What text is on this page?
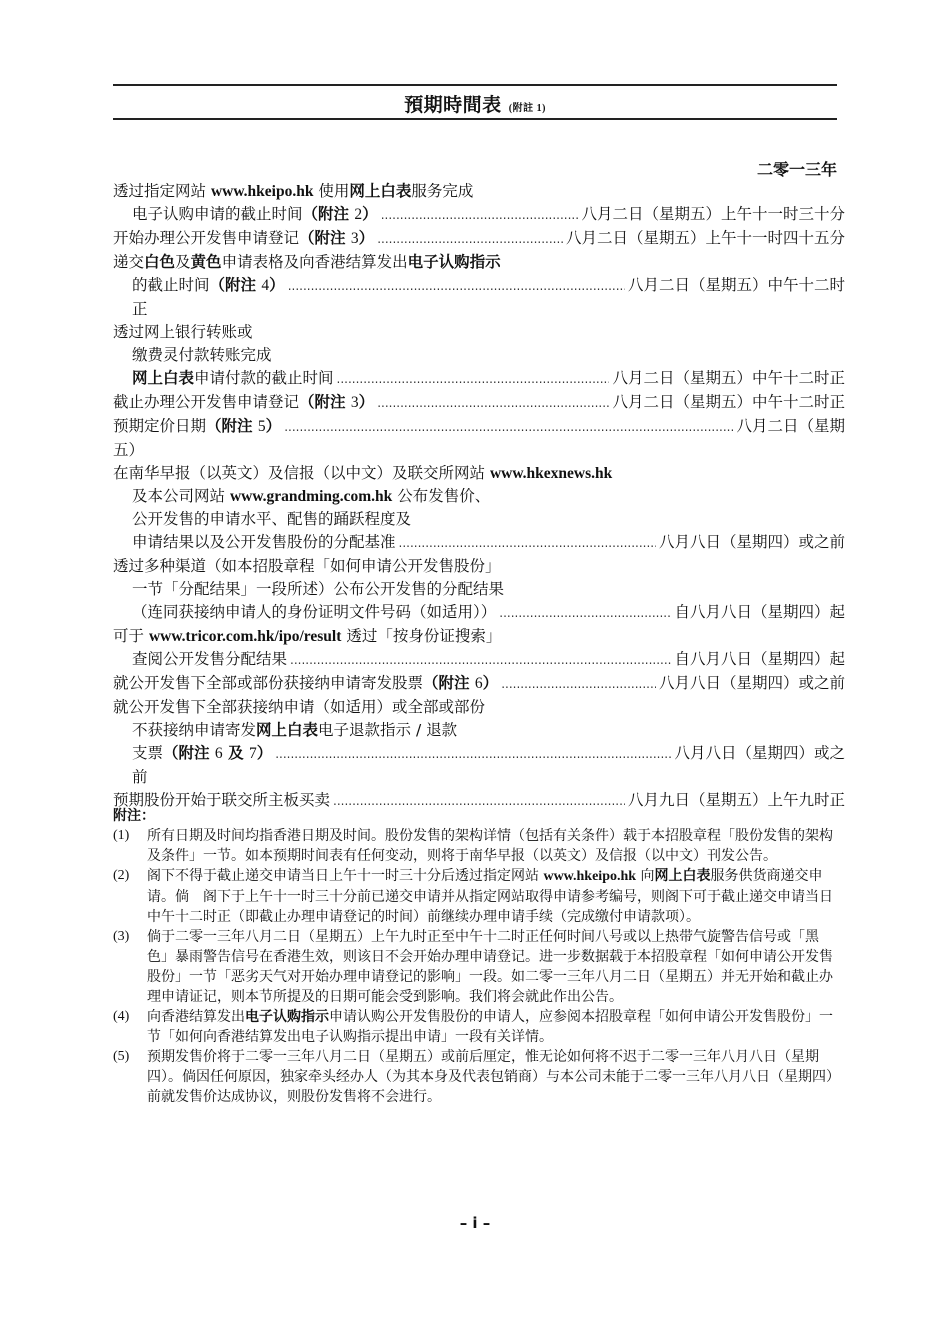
預期時間表 (附註 1)
二零一三年
透过指定网站 www.hkeipo.hk 使用网上白表服务完成
电子认购申请的截止时间（附注 2） .....	八月二日（星期五）上午十一时三十分
开始办理公开发售申请登记（附注 3） .....	八月二日（星期五）上午十一时四十五分
递交白色及黄色申请表格及向香港结算发出电子认购指示
的截止时间（附注 4） .....	八月二日（星期五）中午十二时
正
透过网上银行转账或
缴费灵付款转账完成
网上白表申请付款的截止时间 .....	八月二日（星期五）中午十二时正
截止办理公开发售申请登记（附注 3） .....	八月二日（星期五）中午十二时正
预期定价日期（附注 5） .....	八月二日（星期
五）
在南华早报（以英文）及信报（以中文）及联交所网站 www.hkexnews.hk
及本公司网站 www.grandming.com.hk 公布发售价、
公开发售的申请水平、配售的踊跃程度及
申请结果以及公开发售股份的分配基准 .....	八月八日（星期四）或之前
透过多种渠道（如本招股章程「如何申请公开发售股份」
一节「分配结果」一段所述）公布公开发售的分配结果
（连同获接纳申请人的身份证明文件号码（如适用）） .....	自八月八日（星期四）起
可于 www.tricor.com.hk/ipo/result 透过「按身份证搜索」
查阅公开发售分配结果 .....	自八月八日（星期四）起
就公开发售下全部或部份获接纳申请寄发股票（附注 6） .....	八月八日（星期四）或之前
就公开发售下全部获接纳申请（如适用）或全部或部份
不获接纳申请寄发网上白表电子退款指示 / 退款
支票（附注 6 及 7） .....	八月八日（星期四）或之
前
预期股份开始于联交所主板买卖 .....	八月九日（星期五）上午九时正
附注：
(1)	所有日期及时间均指香港日期及时间。股份发售的架构详情（包括有关条件）载于本招股章程「股份发售的架构及条件」一节。如本预期时间表有任何变动，则将于南华早报（以英文）及信报（以中文）刊发公告。
(2)	阁下不得于截止递交申请当日上午十一时三十分后透过指定网站 www.hkeipo.hk 向网上白表服务供货商递交申请。倘　阁下于上午十一时三十分前已递交申请并从指定网站取得申请参考编号，则阁下可于截止递交申请当日中午十二时正（即截止办理申请登记的时间）前继续办理申请手续（完成缴付申请款项）。
(3)	倘于二零一三年八月二日（星期五）上午九时正至中午十二时正任何时间八号或以上热带气旋警告信号或「黑色」暴雨警告信号在香港生效，则该日不会开始办理申请登记。进一步数据载于本招股章程「如何申请公开发售股份」一节「恶劣天气对开始办理申请登记的影响」一段。如二零一三年八月二日（星期五）并无开始和截止办理申请证记，则本节所提及的日期可能会受到影响。我们将会就此作出公告。
(4)	向香港结算发出电子认购指示申请认购公开发售股份的申请人，应参阅本招股章程「如何申请公开发售股份」一节「如何向香港结算发出电子认购指示提出申请」一段有关详情。
(5)	预期发售价将于二零一三年八月二日（星期五）或前后厘定，惟无论如何将不迟于二零一三年八月八日（星期四）。倘因任何原因，独家牵头经办人（为其本身及代表包销商）与本公司未能于二零一三年八月八日（星期四）前就发售价达成协议，则股份发售将不会进行。
– i –
